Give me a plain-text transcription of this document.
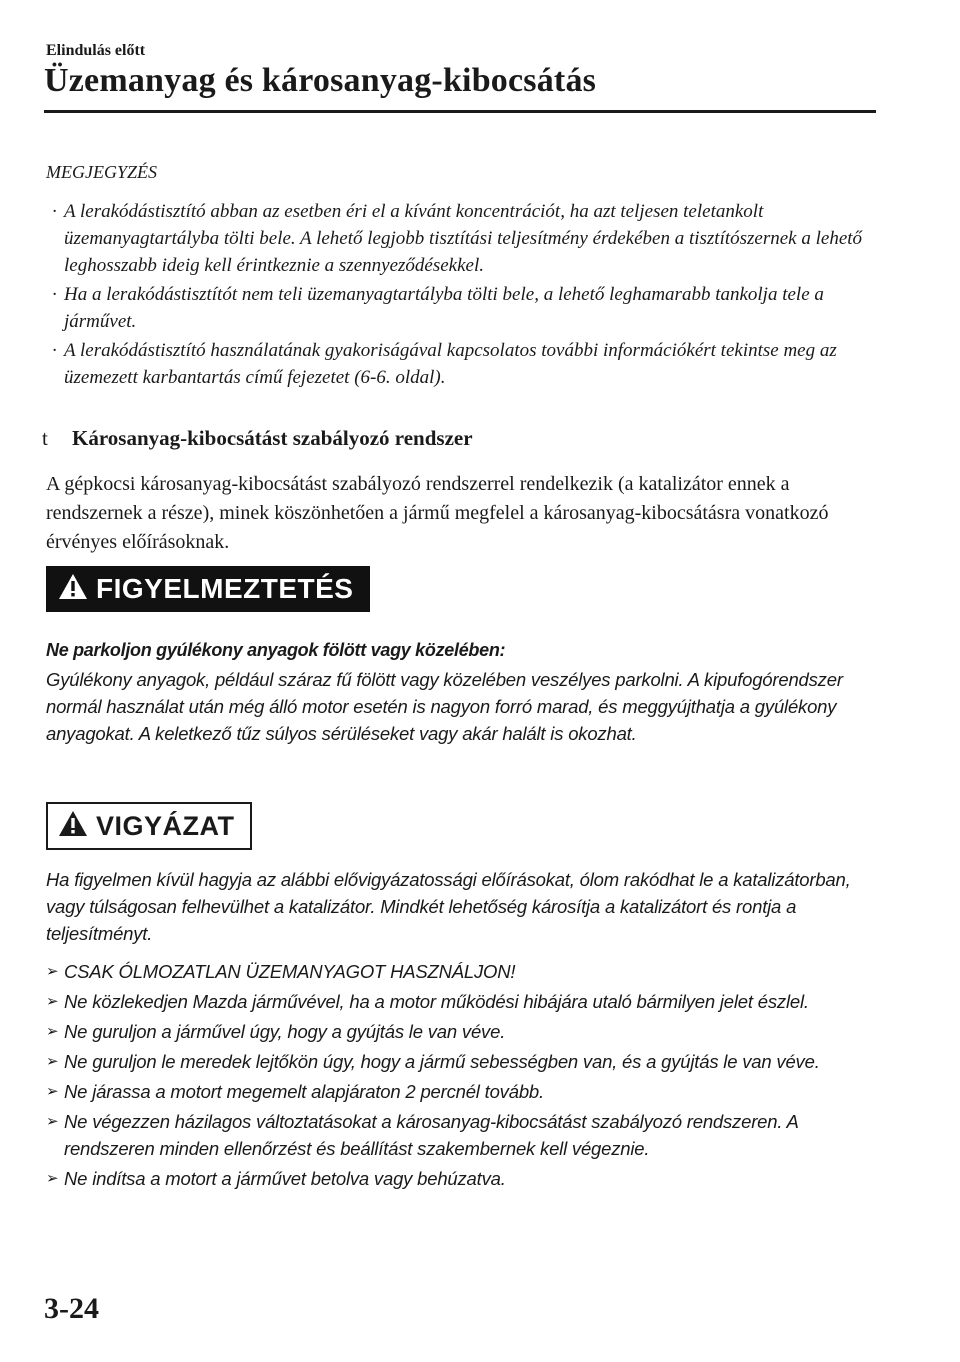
Elindulás előtt
Üzemanyag és károsanyag-kibocsátás
MEGJEGYZÉS
· A lerakódástisztító abban az esetben éri el a kívánt koncentrációt, ha azt teljesen teletankolt üzemanyagtartályba tölti bele. A lehető legjobb tisztítási teljesítmény érdekében a tisztítószernek a lehető leghosszabb ideig kell érintkeznie a szennyeződésekkel.
· Ha a lerakódástisztítót nem teli üzemanyagtartályba tölti bele, a lehető leghamarabb tankolja tele a járművet.
· A lerakódástisztító használatának gyakoriságával kapcsolatos további információkért tekintse meg az üzemezett karbantartás című fejezetet (6-6. oldal).
t Károsanyag-kibocsátást szabályozó rendszer
A gépkocsi károsanyag-kibocsátást szabályozó rendszerrel rendelkezik (a katalizátor ennek a rendszernek a része), minek köszönhetően a jármű megfelel a károsanyag-kibocsátásra vonatkozó érvényes előírásoknak.
FIGYELMEZTETÉS
Ne parkoljon gyúlékony anyagok fölött vagy közelében:
Gyúlékony anyagok, például száraz fű fölött vagy közelében veszélyes parkolni. A kipufogórendszer normál használat után még álló motor esetén is nagyon forró marad, és meggyújthatja a gyúlékony anyagokat. A keletkező tűz súlyos sérüléseket vagy akár halált is okozhat.
VIGYÁZAT
Ha figyelmen kívül hagyja az alábbi elővigyázatossági előírásokat, ólom rakódhat le a katalizátorban, vagy túlságosan felhevülhet a katalizátor. Mindkét lehetőség károsítja a katalizátort és rontja a teljesítményt.
➢ CSAK ÓLMOZATLAN ÜZEMANYAGOT HASZNÁLJON!
➢ Ne közlekedjen Mazda járművével, ha a motor működési hibájára utaló bármilyen jelet észlel.
➢ Ne guruljon a járművel úgy, hogy a gyújtás le van véve.
➢ Ne guruljon le meredek lejtőkön úgy, hogy a jármű sebességben van, és a gyújtás le van véve.
➢ Ne járassa a motort megemelt alapjáraton 2 percnél tovább.
➢ Ne végezzen házilagos változtatásokat a károsanyag-kibocsátást szabályozó rendszeren. A rendszeren minden ellenőrzést és beállítást szakembernek kell végeznie.
➢ Ne indítsa a motort a járművet betolva vagy behúzatva.
3-24
